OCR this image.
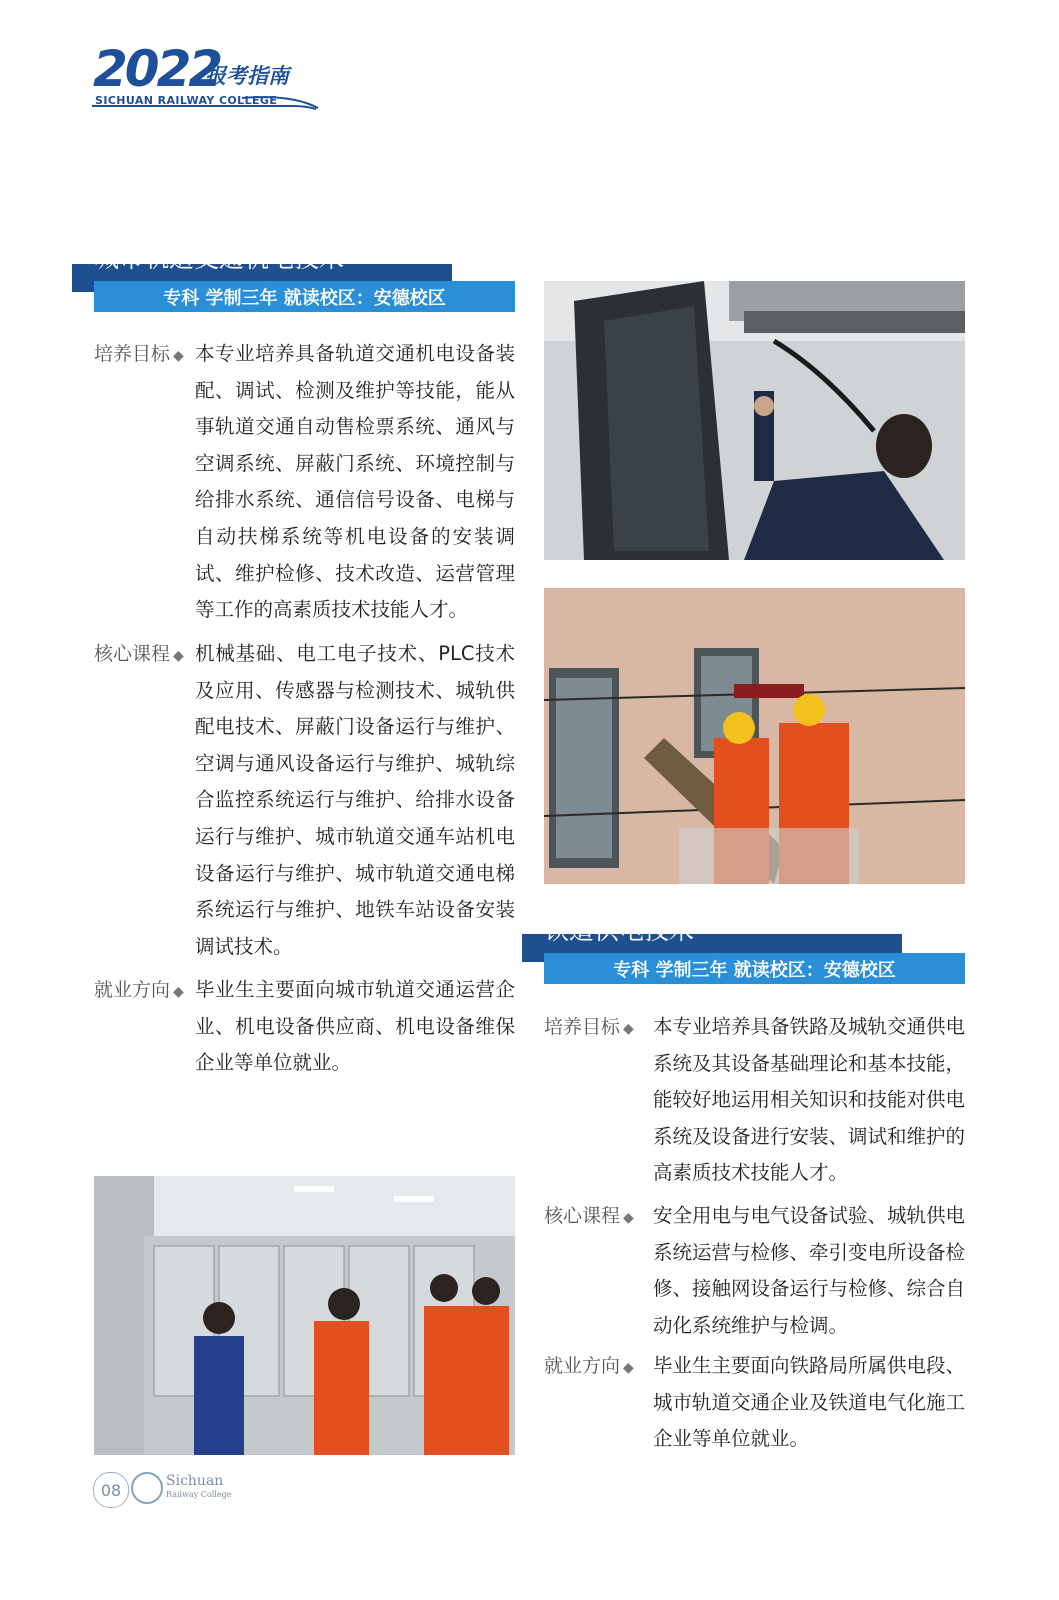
2022
报考指南
SICHUAN RAILWAY COLLEGE
城市轨道交通机电技术
专科 学制三年 就读校区：安德校区
培养目标 ◆ 本专业培养具备轨道交通机电设备装配、调试、检测及维护等技能，能从事轨道交通自动售检票系统、通风与空调系统、屏蔽门系统、环境控制与给排水系统、通信信号设备、电梯与自动扶梯系统等机电设备的安装调试、维护检修、技术改造、运营管理等工作的高素质技术技能人才。
核心课程 ◆ 机械基础、电工电子技术、PLC技术及应用、传感器与检测技术、城轨供配电技术、屏蔽门设备运行与维护、空调与通风设备运行与维护、城轨综合监控系统运行与维护、给排水设备运行与维护、城市轨道交通车站机电设备运行与维护、城市轨道交通电梯系统运行与维护、地铁车站设备安装调试技术。
就业方向 ◆ 毕业生主要面向城市轨道交通运营企业、机电设备供应商、机电设备维保企业等单位就业。
铁道供电技术
专科 学制三年 就读校区：安德校区
培养目标 ◆ 本专业培养具备铁路及城轨交通供电系统及其设备基础理论和基本技能，能较好地运用相关知识和技能对供电系统及设备进行安装、调试和维护的高素质技术技能人才。
核心课程 ◆ 安全用电与电气设备试验、城轨供电系统运营与检修、牵引变电所设备检修、接触网设备运行与检修、综合自动化系统维护与检调。
就业方向 ◆ 毕业生主要面向铁路局所属供电段、城市轨道交通企业及铁道电气化施工企业等单位就业。
08	Sichuan
Railway College
